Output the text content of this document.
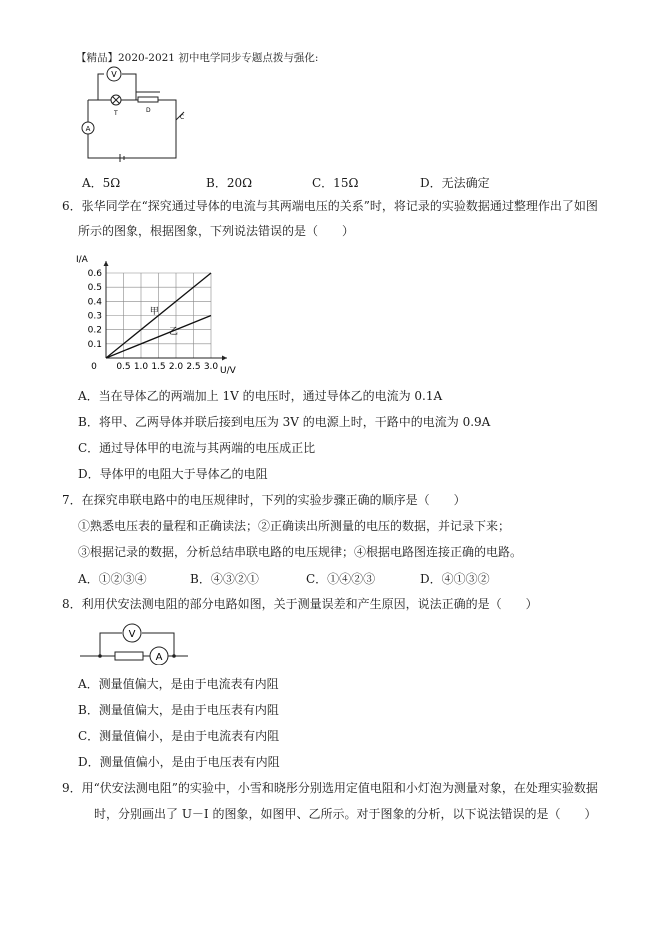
【精品】2020-2021 初中电学同步专题点拨与强化:
V
T	D
C
A
A．5Ω	B．20Ω	C．15Ω	D．无法确定
6．张华同学在“探究通过导体的电流与其两端电压的关系”时，将记录的实验数据通过整理作出了如图
所示的图象，根据图象，下列说法错误的是（　　）
0 0.5 1.0 1.5 2.0 2.5 3.0
0.1
0.2
0.3
0.4
0.5
0.6
甲
乙
I/A
U/V
A．当在导体乙的两端加上 1V 的电压时，通过导体乙的电流为 0.1A
B．将甲、乙两导体并联后接到电压为 3V 的电源上时，干路中的电流为 0.9A
C．通过导体甲的电流与其两端的电压成正比
D．导体甲的电阻大于导体乙的电阻
7．在探究串联电路中的电压规律时，下列的实验步骤正确的顺序是（　　）
①熟悉电压表的量程和正确读法；②正确读出所测量的电压的数据，并记录下来；
③根据记录的数据，分析总结串联电路的电压规律；④根据电路图连接正确的电路。
A．①②③④	B．④③②①	C．①④②③	D．④①③②
8．利用伏安法测电阻的部分电路如图，关于测量误差和产生原因，说法正确的是（　　）
V
A
A．测量值偏大，是由于电流表有内阻
B．测量值偏大，是由于电压表有内阻
C．测量值偏小，是由于电流表有内阻
D．测量值偏小，是由于电压表有内阻
9．用“伏安法测电阻”的实验中，小雪和晓彤分别选用定值电阻和小灯泡为测量对象，在处理实验数据
时，分别画出了 U－I 的图象，如图甲、乙所示。对于图象的分析，以下说法错误的是（　　）
